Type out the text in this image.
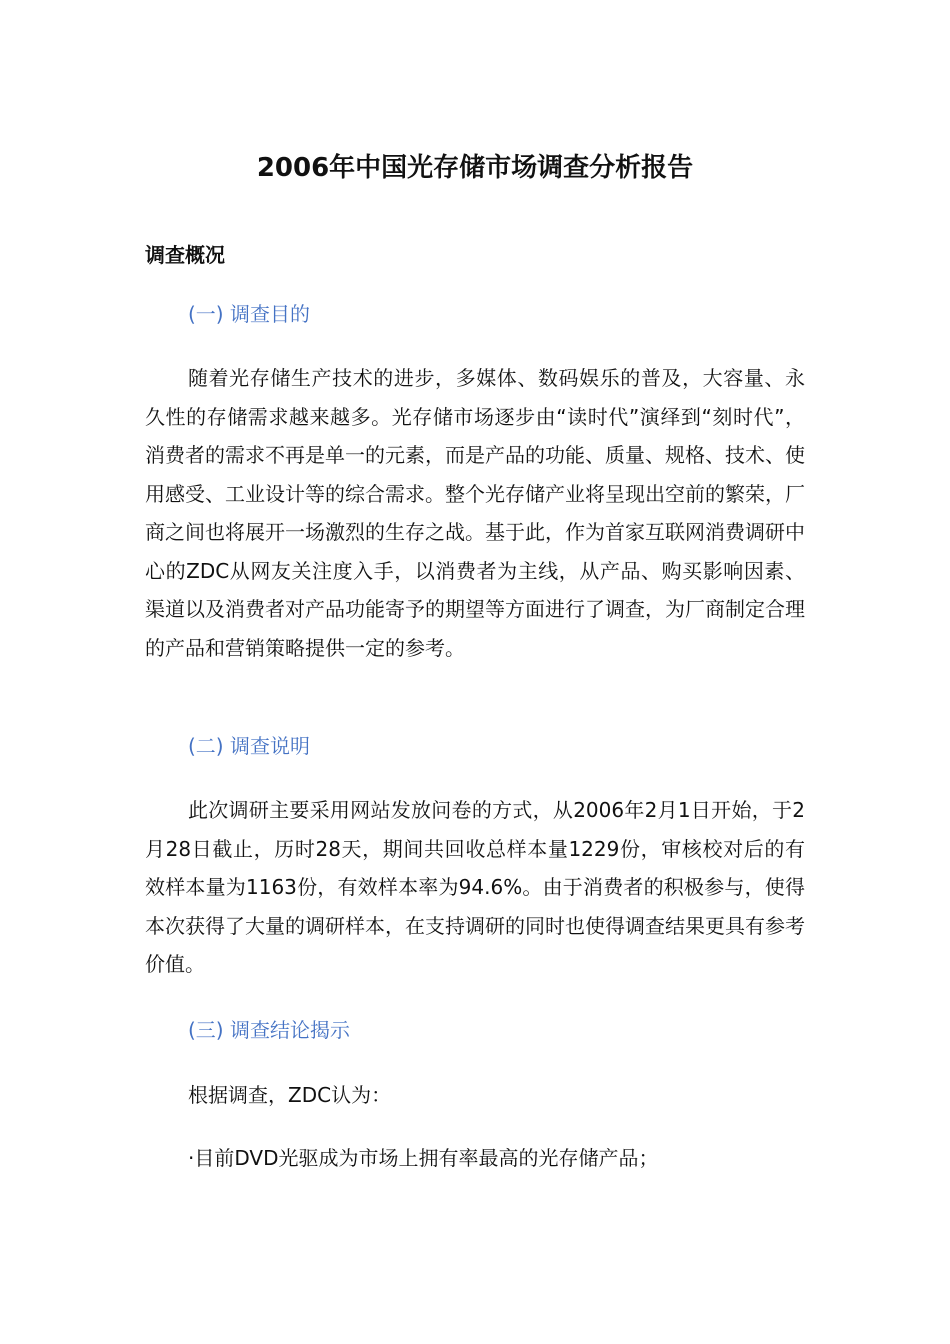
2006年中国光存储市场调查分析报告
调查概况

(一) 调查目的

随着光存储生产技术的进步，多媒体、数码娱乐的普及，大容量、永久性的存储需求越来越多。光存储市场逐步由“读时代”演绎到“刻时代”，消费者的需求不再是单一的元素，而是产品的功能、质量、规格、技术、使用感受、工业设计等的综合需求。整个光存储产业将呈现出空前的繁荣，厂商之间也将展开一场激烈的生存之战。基于此，作为首家互联网消费调研中心的ZDC从网友关注度入手，以消费者为主线，从产品、购买影响因素、渠道以及消费者对产品功能寄予的期望等方面进行了调查，为厂商制定合理的产品和营销策略提供一定的参考。

(二) 调查说明

此次调研主要采用网站发放问卷的方式，从2006年2月1日开始，于2月28日截止，历时28天，期间共回收总样本量1229份，审核校对后的有效样本量为1163份，有效样本率为94.6%。由于消费者的积极参与，使得本次获得了大量的调研样本，在支持调研的同时也使得调查结果更具有参考价值。

(三) 调查结论揭示

根据调查，ZDC认为：

·目前DVD光驱成为市场上拥有率最高的光存储产品；
